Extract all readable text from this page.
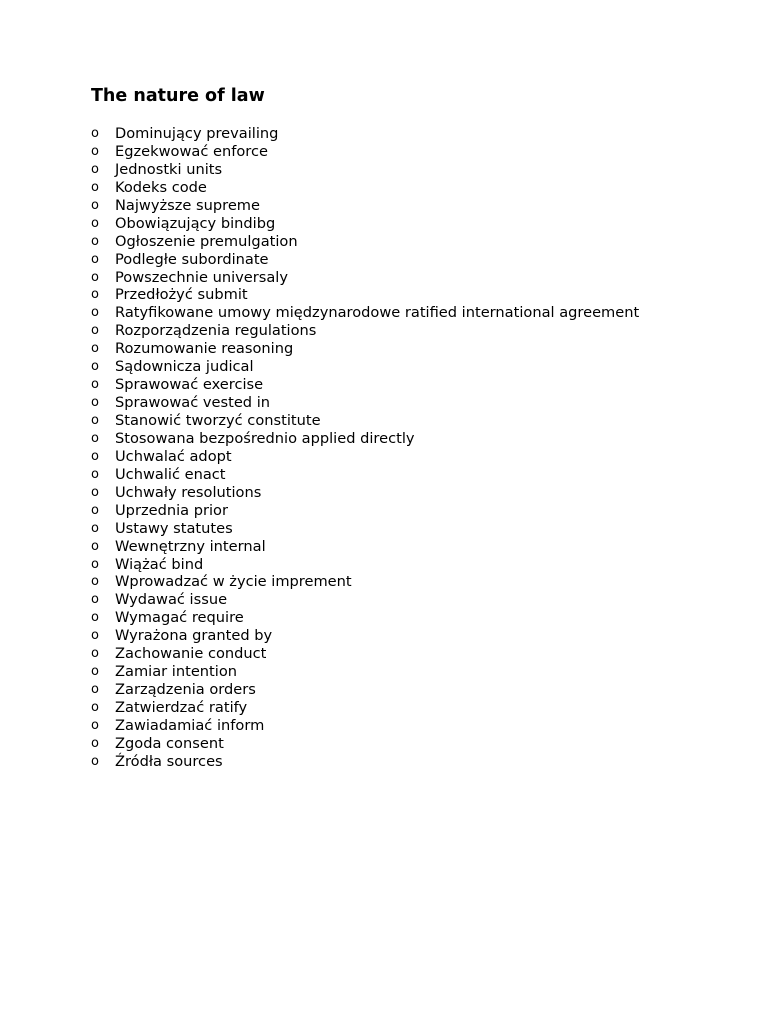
The nature of law
o	Dominujący prevailing
o	Egzekwować enforce
o	Jednostki units
o	Kodeks code
o	Najwyższe supreme
o	Obowiązujący bindibg
o	Ogłoszenie premulgation
o	Podległe subordinate
o	Powszechnie universaly
o	Przedłożyć submit
o	Ratyfikowane umowy międzynarodowe ratified international agreement
o	Rozporządzenia regulations
o	Rozumowanie reasoning
o	Sądownicza judical
o	Sprawować exercise
o	Sprawować vested in
o	Stanowić tworzyć constitute
o	Stosowana bezpośrednio applied directly
o	Uchwalać adopt
o	Uchwalić enact
o	Uchwały resolutions
o	Uprzednia prior
o	Ustawy statutes
o	Wewnętrzny internal
o	Wiążać bind
o	Wprowadzać w życie imprement
o	Wydawać issue
o	Wymagać require
o	Wyrażona granted by
o	Zachowanie conduct
o	Zamiar intention
o	Zarządzenia orders
o	Zatwierdzać ratify
o	Zawiadamiać inform
o	Zgoda consent
o	Źródła sources
